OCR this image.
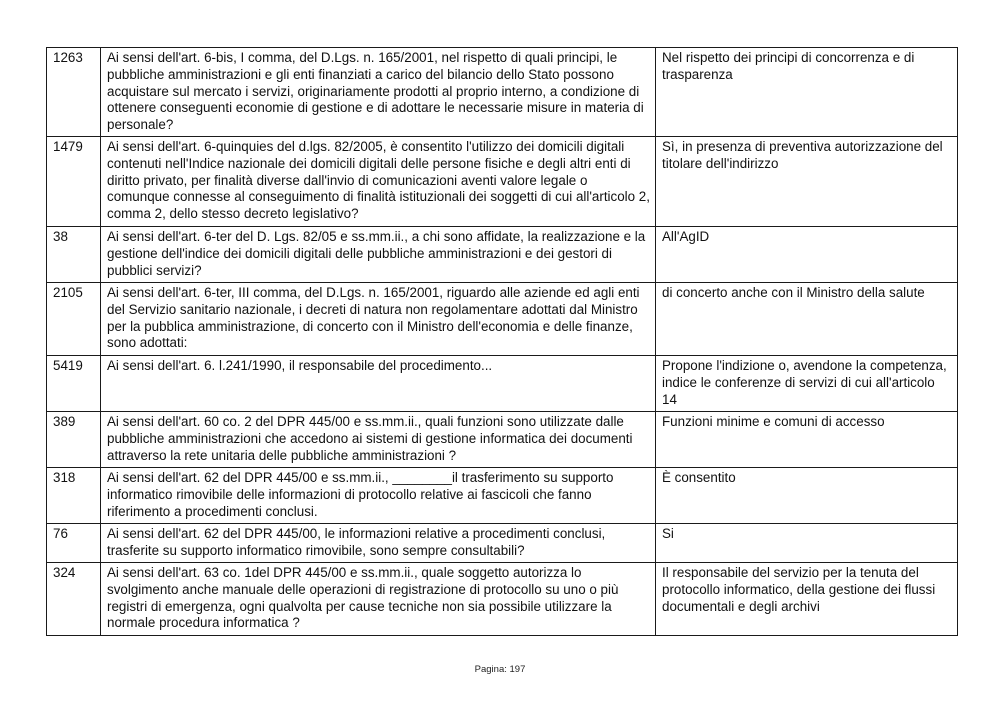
1263	Ai sensi dell'art. 6-bis, I comma, del D.Lgs. n. 165/2001, nel rispetto di quali principi, le pubbliche amministrazioni e gli enti finanziati a carico del bilancio dello Stato possono acquistare sul mercato i servizi, originariamente prodotti al proprio interno, a condizione di ottenere conseguenti economie di gestione e di adottare le necessarie misure in materia di personale?	Nel rispetto dei principi di concorrenza e di trasparenza
1479	Ai sensi dell'art. 6-quinquies del d.lgs. 82/2005, è consentito l'utilizzo dei domicili digitali contenuti nell'Indice nazionale dei domicili digitali delle persone fisiche e degli altri enti di diritto privato, per finalità diverse dall'invio di comunicazioni aventi valore legale o comunque connesse al conseguimento di finalità istituzionali dei soggetti di cui all'articolo 2, comma 2, dello stesso decreto legislativo?	Sì, in presenza di preventiva autorizzazione del titolare dell'indirizzo
38	Ai sensi dell'art. 6-ter del D. Lgs. 82/05 e ss.mm.ii., a chi sono affidate, la realizzazione e la gestione dell'indice dei domicili digitali delle pubbliche amministrazioni e dei gestori di pubblici servizi?	All'AgID
2105	Ai sensi dell'art. 6-ter, III comma, del D.Lgs. n. 165/2001, riguardo alle aziende ed agli enti del Servizio sanitario nazionale, i decreti di natura non regolamentare adottati dal Ministro per la pubblica amministrazione, di concerto con il Ministro dell'economia e delle finanze, sono adottati:	di concerto anche con il Ministro della salute
5419	Ai sensi dell'art. 6. l.241/1990, il responsabile del procedimento...	Propone l'indizione o, avendone la competenza, indice le conferenze di servizi di cui all'articolo 14
389	Ai sensi dell'art. 60 co. 2 del DPR 445/00 e ss.mm.ii., quali funzioni sono utilizzate dalle pubbliche amministrazioni che accedono ai sistemi di gestione informatica dei documenti attraverso la rete unitaria delle pubbliche amministrazioni ?	Funzioni minime e comuni di accesso
318	Ai sensi dell'art. 62 del DPR 445/00 e ss.mm.ii., ________il trasferimento su supporto informatico rimovibile delle informazioni di protocollo relative ai fascicoli che fanno riferimento a procedimenti conclusi.	È consentito
76	Ai sensi dell'art. 62 del DPR 445/00, le informazioni relative a procedimenti conclusi, trasferite su supporto informatico rimovibile, sono sempre consultabili?	Si
324	Ai sensi dell'art. 63 co. 1del DPR 445/00 e ss.mm.ii., quale soggetto autorizza lo svolgimento anche manuale delle operazioni di registrazione di protocollo su uno o più registri di emergenza, ogni qualvolta per cause tecniche non sia possibile utilizzare la normale procedura informatica ?	Il responsabile del servizio per la tenuta del protocollo informatico, della gestione dei flussi documentali e degli archivi
Pagina: 197
